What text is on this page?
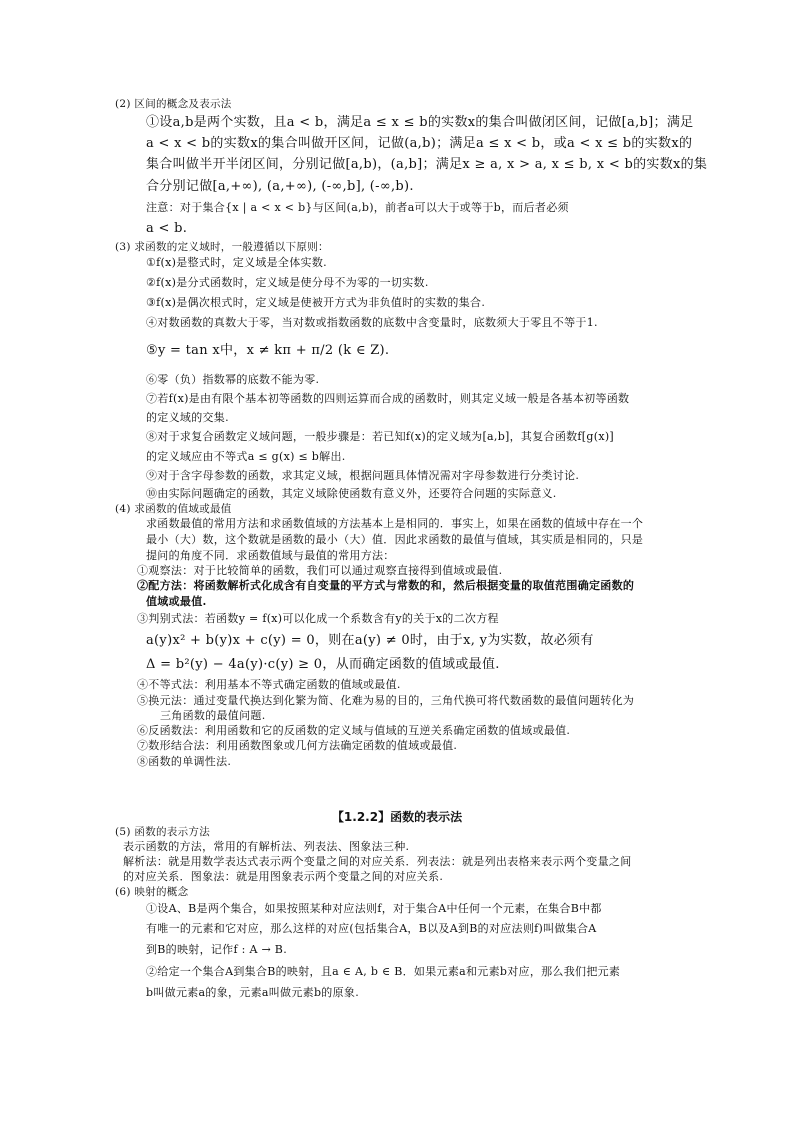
【1.2.2】函数的表示法
(2) 区间的概念及表示法
①设a,b是两个实数，且a < b，满足a ≤ x ≤ b的实数x的集合叫做闭区间，记做[a,b]；满足
a < x < b的实数x的集合叫做开区间，记做(a,b)；满足a ≤ x < b，或a < x ≤ b的实数x的
集合叫做半开半闭区间，分别记做[a,b)，(a,b]；满足x ≥ a, x > a, x ≤ b, x < b的实数x的集
合分别记做[a,+∞), (a,+∞), (-∞,b], (-∞,b).
注意：对于集合{x | a < x < b}与区间(a,b)，前者a可以大于或等于b，而后者必须
a < b.
(3) 求函数的定义域时，一般遵循以下原则：
①f(x)是整式时，定义域是全体实数.
②f(x)是分式函数时，定义域是使分母不为零的一切实数.
③f(x)是偶次根式时，定义域是使被开方式为非负值时的实数的集合.
④对数函数的真数大于零，当对数或指数函数的底数中含变量时，底数须大于零且不等于1.
⑤y = tan x中，x ≠ kπ + π/2 (k ∈ Z).
⑥零（负）指数幂的底数不能为零.
⑦若f(x)是由有限个基本初等函数的四则运算而合成的函数时，则其定义域一般是各基本初等函数
的定义域的交集.
⑧对于求复合函数定义域问题，一般步骤是：若已知f(x)的定义域为[a,b]，其复合函数f[g(x)]
的定义域应由不等式a ≤ g(x) ≤ b解出.
⑨对于含字母参数的函数，求其定义域，根据问题具体情况需对字母参数进行分类讨论.
⑩由实际问题确定的函数，其定义域除使函数有意义外，还要符合问题的实际意义.
(4) 求函数的值域或最值
求函数最值的常用方法和求函数值域的方法基本上是相同的．事实上，如果在函数的值域中存在一个
最小（大）数，这个数就是函数的最小（大）值．因此求函数的最值与值域，其实质是相同的，只是
提问的角度不同．求函数值域与最值的常用方法：
①观察法：对于比较简单的函数，我们可以通过观察直接得到值域或最值.
②配方法：将函数解析式化成含有自变量的平方式与常数的和，然后根据变量的取值范围确定函数的
值域或最值.
③判别式法：若函数y = f(x)可以化成一个系数含有y的关于x的二次方程
a(y)x² + b(y)x + c(y) = 0，则在a(y) ≠ 0时，由于x, y为实数，故必须有
Δ = b²(y) − 4a(y)·c(y) ≥ 0，从而确定函数的值域或最值.
④不等式法：利用基本不等式确定函数的值域或最值.
⑤换元法：通过变量代换达到化繁为简、化难为易的目的，三角代换可将代数函数的最值问题转化为
三角函数的最值问题.
⑥反函数法：利用函数和它的反函数的定义域与值域的互逆关系确定函数的值域或最值.
⑦数形结合法：利用函数图象或几何方法确定函数的值域或最值.
⑧函数的单调性法.
(5) 函数的表示方法
表示函数的方法，常用的有解析法、列表法、图象法三种.
解析法：就是用数学表达式表示两个变量之间的对应关系．列表法：就是列出表格来表示两个变量之间
的对应关系．图象法：就是用图象表示两个变量之间的对应关系.
(6) 映射的概念
①设A、B是两个集合，如果按照某种对应法则f，对于集合A中任何一个元素，在集合B中都
有唯一的元素和它对应，那么这样的对应(包括集合A，B以及A到B的对应法则f)叫做集合A
到B的映射，记作f : A → B.
②给定一个集合A到集合B的映射，且a ∈ A, b ∈ B．如果元素a和元素b对应，那么我们把元素
b叫做元素a的象，元素a叫做元素b的原象.
